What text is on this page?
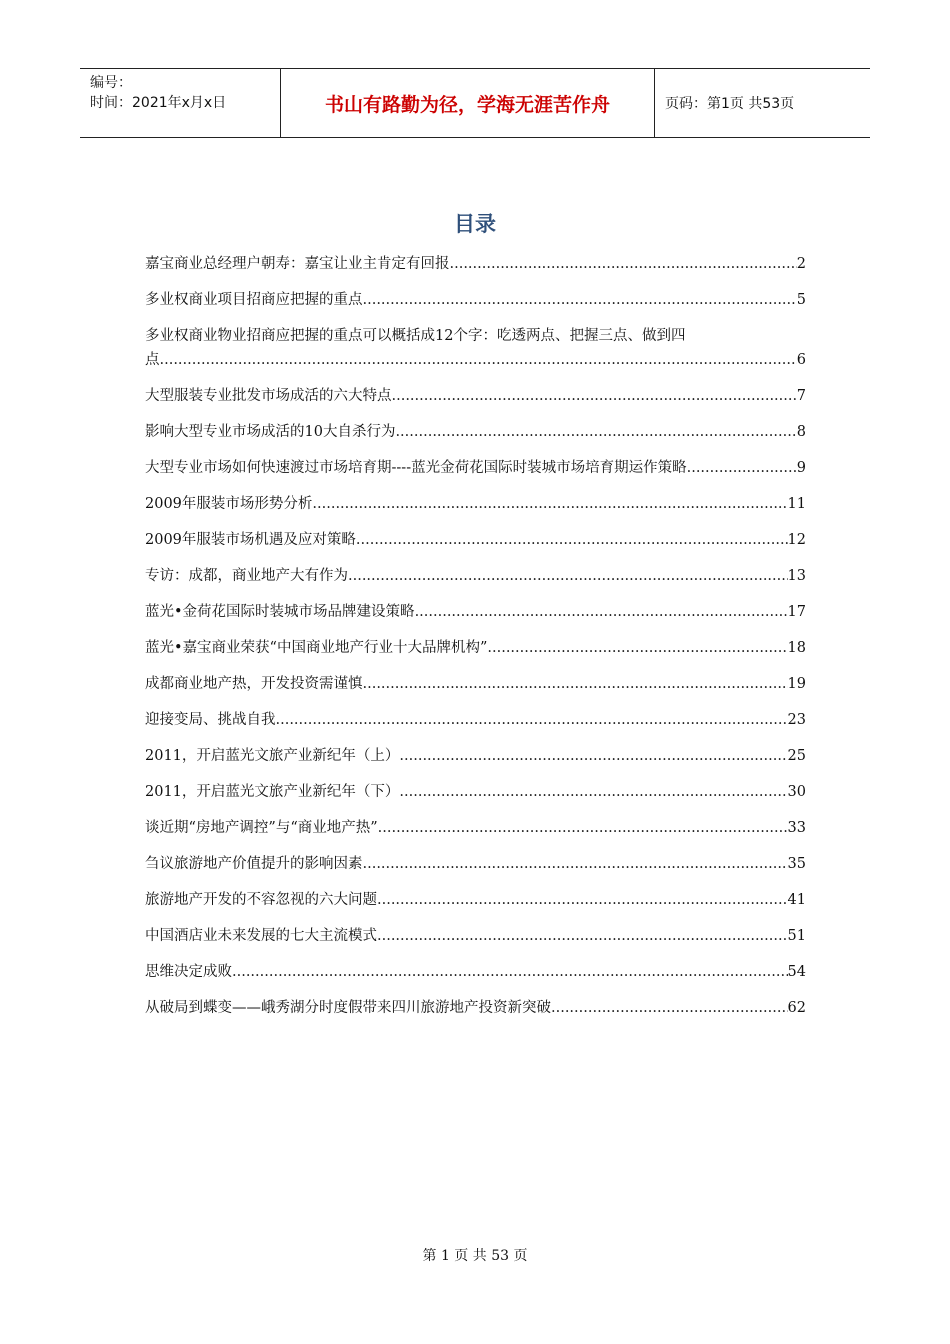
编号：
时间：2021年x月x日	书山有路勤为径，学海无涯苦作舟	页码：第1页 共53页
目录
嘉宝商业总经理户朝寿：嘉宝让业主肯定有回报 .....	2
多业权商业项目招商应把握的重点 .....	5
多业权商业物业招商应把握的重点可以概括成12个字：吃透两点、把握三点、做到四
点 .....	6
大型服装专业批发市场成活的六大特点 .....	7
影响大型专业市场成活的10大自杀行为 .....	8
大型专业市场如何快速渡过市场培育期----蓝光金荷花国际时装城市场培育期运作策略 .....	9
2009年服装市场形势分析 .....	11
2009年服装市场机遇及应对策略 .....	12
专访：成都，商业地产大有作为 .....	13
蓝光•金荷花国际时装城市场品牌建设策略 .....	17
蓝光•嘉宝商业荣获“中国商业地产行业十大品牌机构” .....	18
成都商业地产热，开发投资需谨慎 .....	19
迎接变局、挑战自我 .....	23
2011，开启蓝光文旅产业新纪年（上） .....	25
2011，开启蓝光文旅产业新纪年（下） .....	30
谈近期“房地产调控”与“商业地产热” .....	33
刍议旅游地产价值提升的影响因素 .....	35
旅游地产开发的不容忽视的六大问题 .....	41
中国酒店业未来发展的七大主流模式 .....	51
思维决定成败 .....	54
从破局到蝶变——峨秀湖分时度假带来四川旅游地产投资新突破 .....	62
第 1 页 共 53 页
